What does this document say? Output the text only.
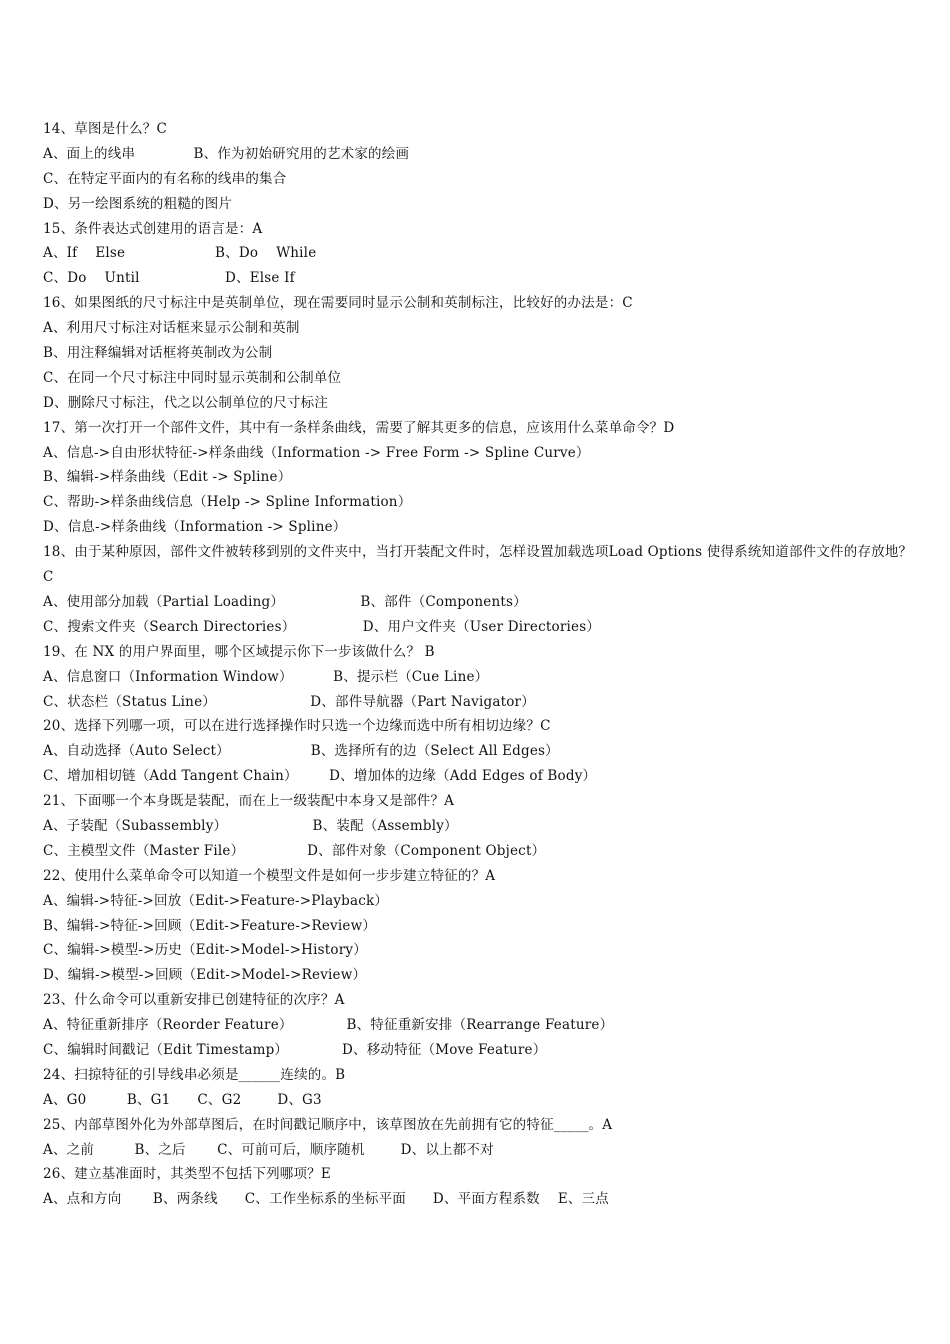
14、草图是什么？C
A、面上的线串             B、作为初始研究用的艺术家的绘画
C、在特定平面内的有名称的线串的集合
D、另一绘图系统的粗糙的图片
15、条件表达式创建用的语言是：A
A、If    Else                    B、Do    While
C、Do    Until                   D、Else If
16、如果图纸的尺寸标注中是英制单位，现在需要同时显示公制和英制标注，比较好的办法是：C
A、利用尺寸标注对话框来显示公制和英制
B、用注释编辑对话框将英制改为公制
C、在同一个尺寸标注中同时显示英制和公制单位
D、删除尺寸标注，代之以公制单位的尺寸标注
17、第一次打开一个部件文件，其中有一条样条曲线，需要了解其更多的信息，应该用什么菜单命令？D
A、信息->自由形状特征->样条曲线（Information -> Free Form -> Spline Curve）
B、编辑->样条曲线（Edit -> Spline）
C、帮助->样条曲线信息（Help -> Spline Information）
D、信息->样条曲线（Information -> Spline）
18、由于某种原因，部件文件被转移到别的文件夹中，当打开装配文件时，怎样设置加载选项Load Options 使得系统知道部件文件的存放地？C
A、使用部分加载（Partial Loading）                 B、部件（Components）
C、搜索文件夹（Search Directories）               D、用户文件夹（User Directories）
19、在 NX 的用户界面里，哪个区域提示你下一步该做什么？ B
A、信息窗口（Information Window）         B、提示栏（Cue Line）
C、状态栏（Status Line）                     D、部件导航器（Part Navigator）
20、选择下列哪一项，可以在进行选择操作时只选一个边缘而选中所有相切边缘？C
A、自动选择（Auto Select）                  B、选择所有的边（Select All Edges）
C、增加相切链（Add Tangent Chain）       D、增加体的边缘（Add Edges of Body）
21、下面哪一个本身既是装配，而在上一级装配中本身又是部件？A
A、子装配（Subassembly）                   B、装配（Assembly）
C、主模型文件（Master File）              D、部件对象（Component Object）
22、使用什么菜单命令可以知道一个模型文件是如何一步步建立特征的？A
A、编辑->特征->回放（Edit->Feature->Playback）
B、编辑->特征->回顾（Edit->Feature->Review）
C、编辑->模型->历史（Edit->Model->History）
D、编辑->模型->回顾（Edit->Model->Review）
23、什么命令可以重新安排已创建特征的次序？A
A、特征重新排序（Reorder Feature）            B、特征重新安排（Rearrange Feature）
C、编辑时间戳记（Edit Timestamp）            D、移动特征（Move Feature）
24、扫掠特征的引导线串必须是______连续的。B
A、G0         B、G1      C、G2        D、G3
25、内部草图外化为外部草图后，在时间戳记顺序中，该草图放在先前拥有它的特征_____。A
A、之前         B、之后       C、可前可后，顺序随机        D、以上都不对
26、建立基准面时，其类型不包括下列哪项？E
A、点和方向       B、两条线      C、工作坐标系的坐标平面      D、平面方程系数    E、三点
